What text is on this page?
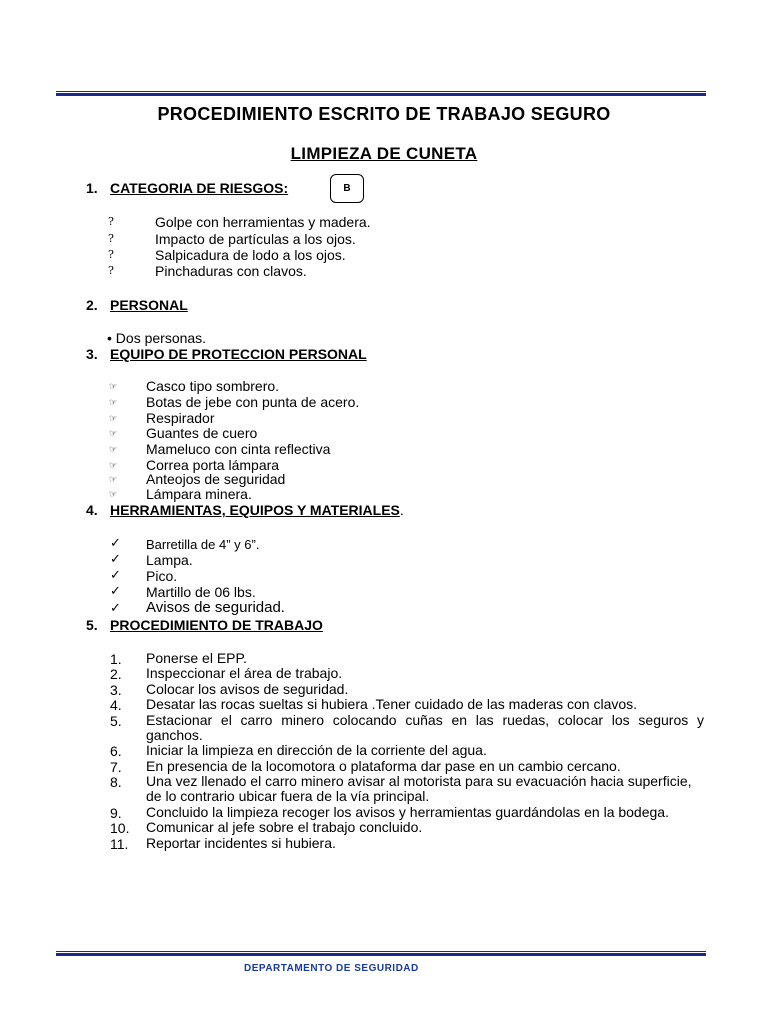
PROCEDIMIENTO ESCRITO DE TRABAJO SEGURO
LIMPIEZA DE CUNETA
1. CATEGORIA DE RIESGOS:	B
?	Golpe con herramientas y madera.
?	Impacto de partículas a los ojos.
?	Salpicadura de lodo a los ojos.
?	Pinchaduras con clavos.
2. PERSONAL
• Dos personas.
3. EQUIPO DE PROTECCION PERSONAL
☞ Casco tipo sombrero.
☞ Botas de jebe con punta de acero.
☞ Respirador
☞ Guantes de cuero
☞ Mameluco con cinta reflectiva
☞ Correa porta lámpara
☞ Anteojos de seguridad
☞ Lámpara minera.
4. HERRAMIENTAS, EQUIPOS Y MATERIALES .
✓ Barretilla de 4” y 6”.
✓ Lampa.
✓ Pico.
✓ Martillo de 06 lbs.
✓ Avisos de seguridad.
5. PROCEDIMIENTO DE TRABAJO
1. Ponerse el EPP.
2. Inspeccionar el área de trabajo.
3. Colocar los avisos de seguridad.
4. Desatar las rocas sueltas si hubiera .Tener cuidado de las maderas con clavos.
5. Estacionar el carro minero colocando cuñas en las ruedas, colocar los seguros y ganchos.
6. Iniciar la limpieza en dirección de la corriente del agua.
7. En presencia de la locomotora o plataforma dar pase en un cambio cercano.
8. Una vez llenado el carro minero avisar al motorista para su evacuación hacia superficie, de lo contrario ubicar fuera de la vía principal.
9. Concluido la limpieza recoger los avisos y herramientas guardándolas en la bodega.
10. Comunicar al jefe sobre el trabajo concluido.
11. Reportar incidentes si hubiera.
DEPARTAMENTO DE SEGURIDAD
